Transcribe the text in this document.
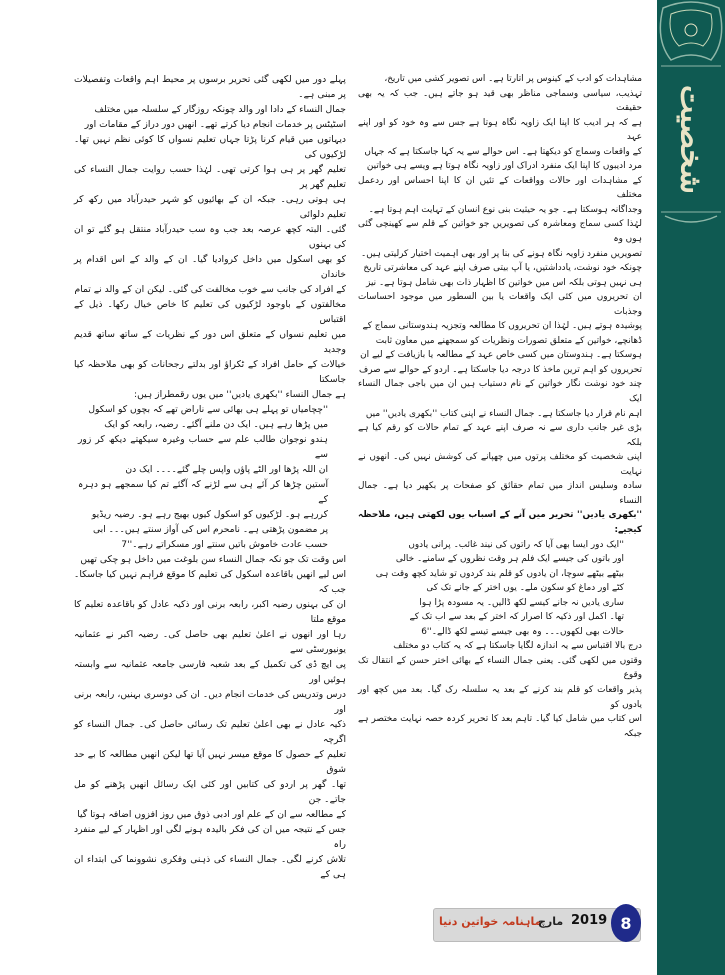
شخصیت

مشاہدات کو ادب کے کینوس پر اتارتا ہے۔ اس تصویر کشی میں تاریخ،

تہذیب، سیاسی وسماجی مناظر بھی قید ہو جاتے ہیں۔ جب کہ یہ بھی حقیقت

ہے کہ ہر ادیب کا اپنا ایک زاویہ نگاہ ہوتا ہے جس سے وہ خود کو اور اپنے عہد

کے واقعات وسماج کو دیکھتا ہے۔ اس حوالے سے یہ کہا جاسکتا ہے کہ جہاں

مرد ادیبوں کا اپنا ایک منفرد ادراک اور زاویہ نگاہ ہوتا ہے ویسے ہی خواتین

کے مشاہدات اور حالات وواقعات کے تئیں ان کا اپنا احساس اور ردعمل مختلف

وجداگانہ ہوسکتا ہے۔ جو یہ حیثیت بنی نوع انسان کے تہایت اہم ہوتا ہے۔

لہٰذا کسی سماج ومعاشرہ کی تصویریں جو خواتین کے قلم سے کھینچی گئی ہوں وہ

تصویریں منفرد زاویہ نگاہ ہونے کی بنا پر اور بھی اہمیت اختیار کرلیتی ہیں۔

چونکہ خود نوشت، یادداشتیں، یا آپ بیتی صرف اپنے عہد کی معاشرتی تاریخ

ہی نہیں ہوتی بلکہ اس میں خواتین کا اظہار ذات بھی شامل ہوتا ہے۔ نیز

ان تحریروں میں کئی ایک واقعات یا بین السطور میں موجود احساسات وجذبات

پوشیدہ ہوتے ہیں۔ لہٰذا ان تحریروں کا مطالعہ وتجزیہ ہندوستانی سماج کے

ڈھانچے، خواتین کے متعلق تصورات ونظریات کو سمجھنے میں معاون ثابت

ہوسکتا ہے۔ ہندوستان میں کسی خاص عہد کے مطالعہ یا بازیافت کے لیے ان

تحریروں کو اہم ترین ماخذ کا درجہ دیا جاسکتا ہے۔ اردو کے حوالے سے صرف

چند خود نوشت نگار خواتین کے نام دستیاب ہیں ان میں باجی جمال النساء ایک

اہم نام قرار دیا جاسکتا ہے۔ جمال النساء نے اپنی کتاب ''بکھری یادیں'' میں

بڑی غیر جانب داری سے نہ صرف اپنے عہد کے تمام حالات کو رقم کیا ہے بلکہ

اپنی شخصیت کو مختلف پرتوں میں چھپانے کی کوشش نہیں کی۔ انھوں نے نہایت

سادہ وسلیس انداز میں تمام حقائق کو صفحات پر بکھیر دیا ہے۔ جمال النساء

''بکھری یادیں'' تحریر میں آنے کے اسباب یوں لکھتی ہیں، ملاحظہ کیجیے:

''ایک دور ایسا بھی آیا کہ راتوں کی نیند غائب۔ پرانی یادوں

اور باتوں کی جیسے ایک فلم ہر وقت نظروں کے سامنے۔ خالی

بیٹھے بیٹھے سوچا، ان یادوں کو قلم بند کردوں تو شاید کچھ وقت ہی

کٹے اور دماغ کو سکون ملے۔ یوں اختر کے جانے تک کی

ساری یادیں نہ جانے کیسے لکھ ڈالیں۔ یہ مسودہ پڑا ہوا

تھا۔ اکمل اور ذکیہ کا اصرار کہ اختر کے بعد سے اب تک کے

حالات بھی لکھوں۔۔۔ وہ بھی جیسے تیسے لکھ ڈالے۔''6

درج بالا اقتباس سے یہ اندازہ لگایا جاسکتا ہے کہ یہ کتاب دو مختلف

وقتوں میں لکھی گئی۔ یعنی جمال النساء کے بھائی اختر حسن کے انتقال تک وقوع

پذیر واقعات کو قلم بند کرنے کے بعد یہ سلسلہ رک گیا۔ بعد میں کچھ اور یادوں کو

اس کتاب میں شامل کیا گیا۔ تاہم بعد کا تحریر کردہ حصہ نہایت مختصر ہے جبکہ

پہلے دور میں لکھی گئی تحریر برسوں پر محیط اہم واقعات وتفصیلات پر مبنی ہے۔

جمال النساء کے دادا اور والد چونکہ روزگار کے سلسلہ میں مختلف

اسٹیٹس پر خدمات انجام دیا کرتے تھے۔ انھیں دور دراز کے مقامات اور

دیہاتوں میں قیام کرنا پڑتا جہاں تعلیم نسواں کا کوئی نظم نہیں تھا۔ لڑکیوں کی

تعلیم گھر پر ہی ہوا کرتی تھی۔ لہٰذا حسب روایت جمال النساء کی تعلیم گھر پر

ہی ہوتی رہی۔ جبکہ ان کے بھائیوں کو شہر حیدرآباد میں رکھ کر تعلیم دلوائی

گئی۔ البتہ کچھ عرصہ بعد جب وہ سب حیدرآباد منتقل ہو گئے تو ان کی بہنوں

کو بھی اسکول میں داخل کروادیا گیا۔ ان کے والد کے اس اقدام پر خاندان

کے افراد کی جانب سے خوب مخالفت کی گئی۔ لیکن ان کے والد نے تمام

مخالفتوں کے باوجود لڑکیوں کی تعلیم کا خاص خیال رکھا۔ ذیل کے اقتباس

میں تعلیم نسواں کے متعلق اس دور کے نظریات کے ساتھ ساتھ قدیم وجدید

خیالات کے حامل افراد کے ٹکراؤ اور بدلتے رجحانات کو بھی ملاحظہ کیا جاسکتا

ہے جمال النساء ''بکھری یادیں'' میں یوں رقمطراز ہیں:

''چچامیاں تو پہلے ہی بھائی سے ناراض تھے کہ بچوں کو اسکول

میں پڑھا رہے ہیں۔ ایک دن ملنے آگئے۔ رضیہ، رابعہ کو ایک

ہندو نوجوان طالب علم سے حساب وغیرہ سیکھتے دیکھ کر زور سے

ان اللہ پڑھا اور الٹے پاؤں واپس چلے گئے۔۔۔۔ ایک دن

آستین چڑھا کر آئے ہی سے لڑنے کہ آگئے تم کیا سمجھے ہو دہرہ کے

کررہے ہو۔ لڑکیوں کو اسکول کیوں بھیج رہے ہو۔ رضیہ ریڈیو

پر مضمون پڑھتی ہے۔ نامحرم اس کی آواز سنتے ہیں۔۔۔ ابی

حسب عادت خاموش باتیں سنتے اور مسکراتے رہے۔''7

اس وقت تک جو نکہ جمال النساء سن بلوغت میں داخل ہو چکی تھیں

اس لیے انھیں باقاعدہ اسکول کی تعلیم کا موقع فراہم نہیں کیا جاسکا۔ جب کہ

ان کی بہنوں رضیہ اکبر، رابعہ برنی اور ذکیہ عادل کو باقاعدہ تعلیم کا موقع ملتا

رہا اور انھوں نے اعلیٰ تعلیم بھی حاصل کی۔ رضیہ اکبر نے عثمانیہ یونیورسٹی سے

پی ایچ ڈی کی تکمیل کے بعد شعبہ فارسی جامعہ عثمانیہ سے وابستہ ہوئیں اور

درس وتدریس کی خدمات انجام دیں۔ ان کی دوسری بہنیں، رابعہ برنی اور

ذکیہ عادل نے بھی اعلیٰ تعلیم تک رسائی حاصل کی۔ جمال النساء کو اگرچہ

تعلیم کے حصول کا موقع میسر نہیں آیا تھا لیکن انھیں مطالعہ کا بے حد شوق

تھا۔ گھر پر اردو کی کتابیں اور کئی ایک رسائل انھیں پڑھنے کو مل جاتے۔ جن

کے مطالعہ سے ان کے علم اور ادبی ذوق میں روز افزوں اضافہ ہوتا گیا

جس کے نتیجہ میں ان کی فکر بالیدہ ہونے لگی اور اظہار کے لیے منفرد راہ

تلاش کرنے لگی۔ جمال النساء کی ذہنی وفکری نشوونما کی ابتداء ان ہی کے

ماہنامہ خواتین دنیا
مارچ 2019 8
